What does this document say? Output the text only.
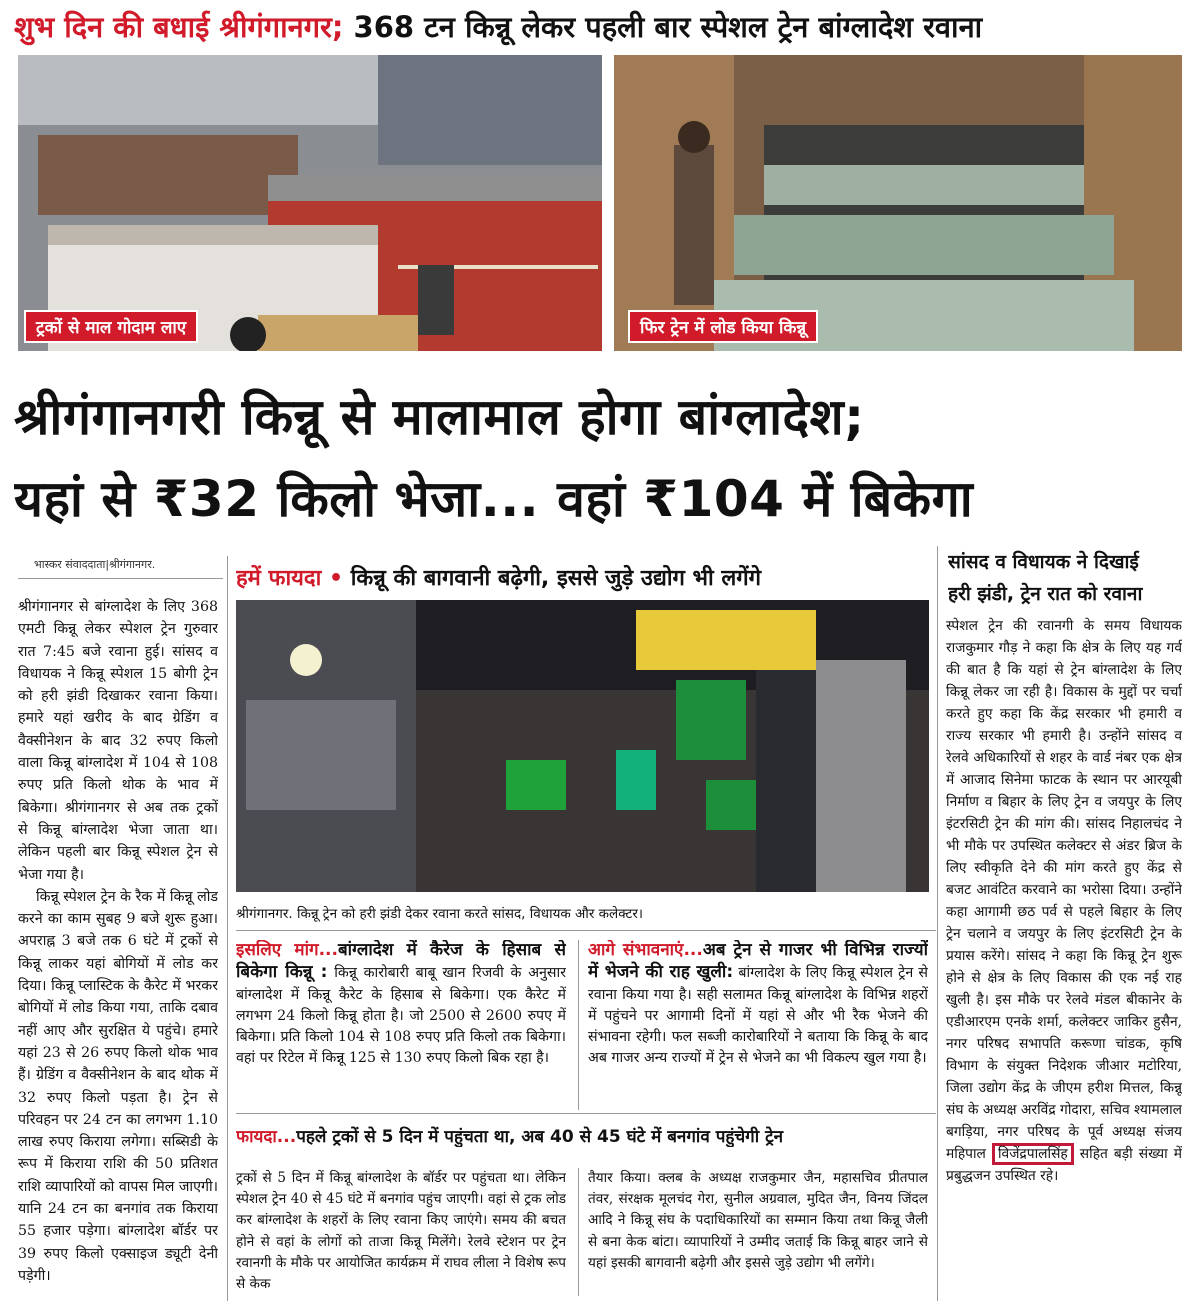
शुभ दिन की बधाई श्रीगंगानगर; 368 टन किन्नू लेकर पहली बार स्पेशल ट्रेन बांग्लादेश रवाना
ट्रकों से माल गोदाम लाए	फिर ट्रेन में लोड किया किन्नू
श्रीगंगानगरी किन्नू से मालामाल होगा बांग्लादेश;
यहां से ₹32 किलो भेजा... वहां ₹104 में बिकेगा
भास्कर संवाददाता|श्रीगंगानगर.

श्रीगंगानगर से बांग्लादेश के लिए 368 एमटी किन्नू लेकर स्पेशल ट्रेन गुरुवार रात 7:45 बजे रवाना हुई। सांसद व विधायक ने किन्नू स्पेशल 15 बोगी ट्रेन को हरी झंडी दिखाकर रवाना किया। हमारे यहां खरीद के बाद ग्रेडिंग व वैक्सीनेशन के बाद 32 रुपए किलो वाला किन्नू बांग्लादेश में 104 से 108 रुपए प्रति किलो थोक के भाव में बिकेगा। श्रीगंगानगर से अब तक ट्रकों से किन्नू बांग्लादेश भेजा जाता था। लेकिन पहली बार किन्नू स्पेशल ट्रेन से भेजा गया है।

किन्नू स्पेशल ट्रेन के रैक में किन्नू लोड करने का काम सुबह 9 बजे शुरू हुआ। अपराह्न 3 बजे तक 6 घंटे में ट्रकों से किन्नू लाकर यहां बोगियों में लोड कर दिया। किन्नू प्लास्टिक के कैरेट में भरकर बोगियों में लोड किया गया, ताकि दबाव नहीं आए और सुरक्षित ये पहुंचे। हमारे यहां 23 से 26 रुपए किलो थोक भाव हैं। ग्रेडिंग व वैक्सीनेशन के बाद थोक में 32 रुपए किलो पड़ता है। ट्रेन से परिवहन पर 24 टन का लगभग 1.10 लाख रुपए किराया लगेगा। सब्सिडी के रूप में किराया राशि की 50 प्रतिशत राशि व्यापारियों को वापस मिल जाएगी। यानि 24 टन का बनगांव तक किराया 55 हजार पड़ेगा। बांग्लादेश बॉर्डर पर 39 रुपए किलो एक्साइज ड्यूटी देनी पड़ेगी।

हमें फायदा • किन्नू की बागवानी बढ़ेगी, इससे जुड़े उद्योग भी लगेंगे
श्रीगंगानगर. किन्नू ट्रेन को हरी झंडी देकर रवाना करते सांसद, विधायक और कलेक्टर।
इसलिए मांग...बांग्लादेश में कैरेज के हिसाब से बिकेगा किन्नू : किन्नू कारोबारी बाबू खान रिजवी के अनुसार बांग्लादेश में किन्नू कैरेट के हिसाब से बिकेगा। एक कैरेट में लगभग 24 किलो किन्नू होता है। जो 2500 से 2600 रुपए में बिकेगा। प्रति किलो 104 से 108 रुपए प्रति किलो तक बिकेगा। वहां पर रिटेल में किन्नू 125 से 130 रुपए किलो बिक रहा है।
आगे संभावनाएं...अब ट्रेन से गाजर भी विभिन्न राज्यों में भेजने की राह खुली: बांग्लादेश के लिए किन्नू स्पेशल ट्रेन से रवाना किया गया है। सही सलामत किन्नू बांग्लादेश के विभिन्न शहरों में पहुंचने पर आगामी दिनों में यहां से और भी रैक भेजने की संभावना रहेगी। फल सब्जी कारोबारियों ने बताया कि किन्नू के बाद अब गाजर अन्य राज्यों में ट्रेन से भेजने का भी विकल्प खुल गया है।
फायदा...पहले ट्रकों से 5 दिन में पहुंचता था, अब 40 से 45 घंटे में बनगांव पहुंचेगी ट्रेन
ट्रकों से 5 दिन में किन्नू बांग्लादेश के बॉर्डर पर पहुंचता था। लेकिन स्पेशल ट्रेन 40 से 45 घंटे में बनगांव पहुंच जाएगी। वहां से ट्रक लोड कर बांग्लादेश के शहरों के लिए रवाना किए जाएंगे। समय की बचत होने से वहां के लोगों को ताजा किन्नू मिलेंगे। रेलवे स्टेशन पर ट्रेन रवानगी के मौके पर आयोजित कार्यक्रम में राघव लीला ने विशेष रूप से केक
तैयार किया। क्लब के अध्यक्ष राजकुमार जैन, महासचिव प्रीतपाल तंवर, संरक्षक मूलचंद गेरा, सुनील अग्रवाल, मुदित जैन, विनय जिंदल आदि ने किन्नू संघ के पदाधिकारियों का सम्मान किया तथा किन्नू जैली से बना केक बांटा। व्यापारियों ने उम्मीद जताई कि किन्नू बाहर जाने से यहां इसकी बागवानी बढ़ेगी और इससे जुड़े उद्योग भी लगेंगे।
सांसद व विधायक ने दिखाई
हरी झंडी, ट्रेन रात को रवाना
स्पेशल ट्रेन की रवानगी के समय विधायक राजकुमार गौड़ ने कहा कि क्षेत्र के लिए यह गर्व की बात है कि यहां से ट्रेन बांग्लादेश के लिए किन्नू लेकर जा रही है। विकास के मुद्दों पर चर्चा करते हुए कहा कि केंद्र सरकार भी हमारी व राज्य सरकार भी हमारी है। उन्होंने सांसद व रेलवे अधिकारियों से शहर के वार्ड नंबर एक क्षेत्र में आजाद सिनेमा फाटक के स्थान पर आरयूबी निर्माण व बिहार के लिए ट्रेन व जयपुर के लिए इंटरसिटी ट्रेन की मांग की। सांसद निहालचंद ने भी मौके पर उपस्थित कलेक्टर से अंडर ब्रिज के लिए स्वीकृति देने की मांग करते हुए केंद्र से बजट आवंटित करवाने का भरोसा दिया। उन्होंने कहा आगामी छठ पर्व से पहले बिहार के लिए ट्रेन चलाने व जयपुर के लिए इंटरसिटी ट्रेन के प्रयास करेंगे। सांसद ने कहा कि किन्नू ट्रेन शुरू होने से क्षेत्र के लिए विकास की एक नई राह खुली है। इस मौके पर रेलवे मंडल बीकानेर के एडीआरएम एनके शर्मा, कलेक्टर जाकिर हुसैन, नगर परिषद सभापति करूणा चांडक, कृषि विभाग के संयुक्त निदेशक जीआर मटोरिया, जिला उद्योग केंद्र के जीएम हरीश मित्तल, किन्नू संघ के अध्यक्ष अरविंद्र गोदारा, सचिव श्यामलाल बगड़िया, नगर परिषद के पूर्व अध्यक्ष संजय महिपाल विजेंद्रपालसिंह सहित बड़ी संख्या में प्रबुद्धजन उपस्थित रहे।
